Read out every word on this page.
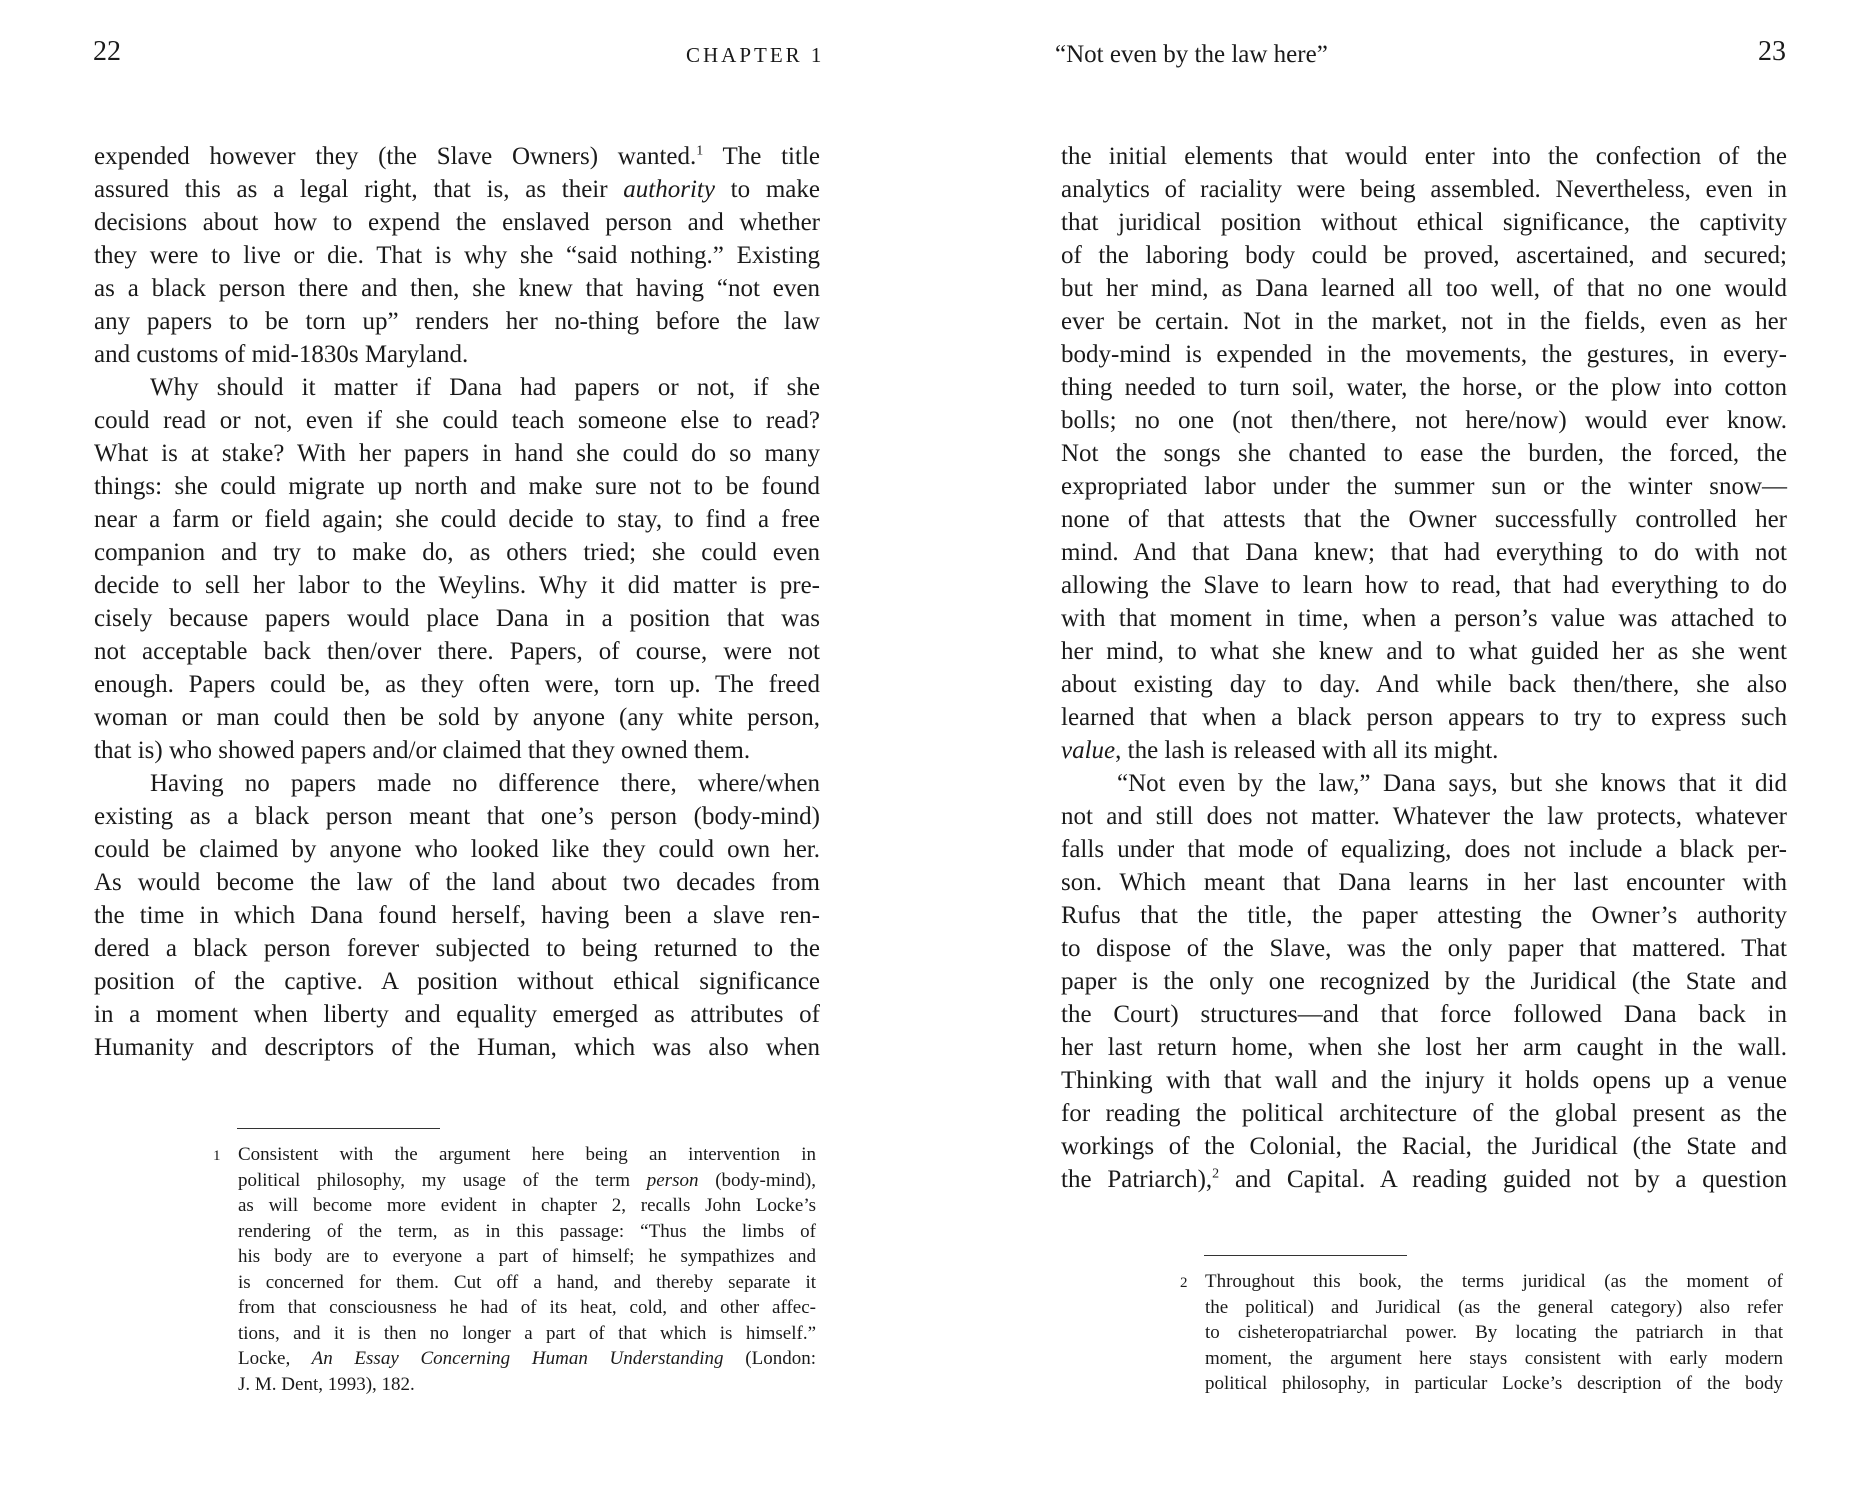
22	CHAPTER 1
expended however they (the Slave Owners) wanted.$^1$ The title
assured this as a legal right, that is, as their authority to make
decisions about how to expend the enslaved person and whether
they were to live or die. That is why she “said nothing.” Existing
as a black person there and then, she knew that having “not even
any papers to be torn up” renders her no-thing before the law
and customs of mid-1830s Maryland.
Why should it matter if Dana had papers or not, if she
could read or not, even if she could teach someone else to read?
What is at stake? With her papers in hand she could do so many
things: she could migrate up north and make sure not to be found
near a farm or field again; she could decide to stay, to find a free
companion and try to make do, as others tried; she could even
decide to sell her labor to the Weylins. Why it did matter is pre-
cisely because papers would place Dana in a position that was
not acceptable back then/over there. Papers, of course, were not
enough. Papers could be, as they often were, torn up. The freed
woman or man could then be sold by anyone (any white person,
that is) who showed papers and/or claimed that they owned them.
Having no papers made no difference there, where/when
existing as a black person meant that one’s person (body-mind)
could be claimed by anyone who looked like they could own her.
As would become the law of the land about two decades from
the time in which Dana found herself, having been a slave ren-
dered a black person forever subjected to being returned to the
position of the captive. A position without ethical significance
in a moment when liberty and equality emerged as attributes of
Humanity and descriptors of the Human, which was also when
1 Consistent with the argument here being an intervention in
political philosophy, my usage of the term person (body-mind),
as will become more evident in chapter 2, recalls John Locke’s
rendering of the term, as in this passage: “Thus the limbs of
his body are to everyone a part of himself; he sympathizes and
is concerned for them. Cut off a hand, and thereby separate it
from that consciousness he had of its heat, cold, and other affec-
tions, and it is then no longer a part of that which is himself.”
Locke, An Essay Concerning Human Understanding (London:
J. M. Dent, 1993), 182.
“Not even by the law here”	23
the initial elements that would enter into the confection of the
analytics of raciality were being assembled. Nevertheless, even in
that juridical position without ethical significance, the captivity
of the laboring body could be proved, ascertained, and secured;
but her mind, as Dana learned all too well, of that no one would
ever be certain. Not in the market, not in the fields, even as her
body-mind is expended in the movements, the gestures, in every-
thing needed to turn soil, water, the horse, or the plow into cotton
bolls; no one (not then/there, not here/now) would ever know.
Not the songs she chanted to ease the burden, the forced, the
expropriated labor under the summer sun or the winter snow—
none of that attests that the Owner successfully controlled her
mind. And that Dana knew; that had everything to do with not
allowing the Slave to learn how to read, that had everything to do
with that moment in time, when a person’s value was attached to
her mind, to what she knew and to what guided her as she went
about existing day to day. And while back then/there, she also
learned that when a black person appears to try to express such
value, the lash is released with all its might.
“Not even by the law,” Dana says, but she knows that it did
not and still does not matter. Whatever the law protects, whatever
falls under that mode of equalizing, does not include a black per-
son. Which meant that Dana learns in her last encounter with
Rufus that the title, the paper attesting the Owner’s authority
to dispose of the Slave, was the only paper that mattered. That
paper is the only one recognized by the Juridical (the State and
the Court) structures—and that force followed Dana back in
her last return home, when she lost her arm caught in the wall.
Thinking with that wall and the injury it holds opens up a venue
for reading the political architecture of the global present as the
workings of the Colonial, the Racial, the Juridical (the State and
the Patriarch),$^2$ and Capital. A reading guided not by a question
2 Throughout this book, the terms juridical (as the moment of
the political) and Juridical (as the general category) also refer
to cisheteropatriarchal power. By locating the patriarch in that
moment, the argument here stays consistent with early modern
political philosophy, in particular Locke’s description of the body
